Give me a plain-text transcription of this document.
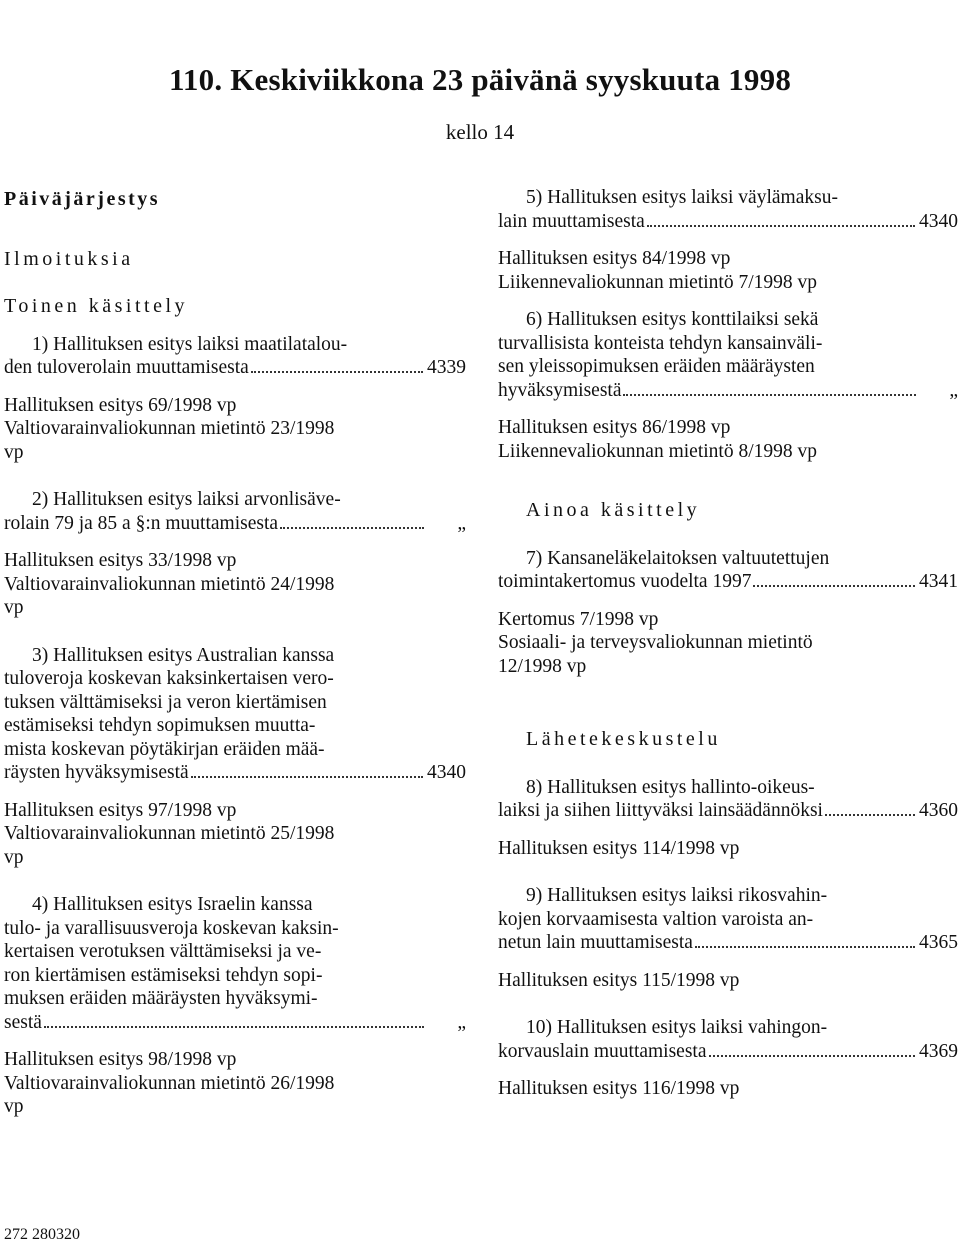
110. Keskiviikkona 23 päivänä syyskuuta 1998
kello 14
Päiväjärjestys
Ilmoituksia
Toinen käsittely
1) Hallituksen esitys laiksi maatilatalou-
den tuloverolain muuttamisesta	4339
Hallituksen esitys 69/1998 vp
Valtiovarainvaliokunnan mietintö 23/1998
vp
2) Hallituksen esitys laiksi arvonlisäve-
rolain 79 ja 85 a §:n muuttamisesta	„
Hallituksen esitys 33/1998 vp
Valtiovarainvaliokunnan mietintö 24/1998
vp
3) Hallituksen esitys Australian kanssa
tuloveroja koskevan kaksinkertaisen vero-
tuksen välttämiseksi ja veron kiertämisen
estämiseksi tehdyn sopimuksen muutta-
mista koskevan pöytäkirjan eräiden mää-
räysten hyväksymisestä	4340
Hallituksen esitys 97/1998 vp
Valtiovarainvaliokunnan mietintö 25/1998
vp
4) Hallituksen esitys Israelin kanssa
tulo- ja varallisuusveroja koskevan kaksin-
kertaisen verotuksen välttämiseksi ja ve-
ron kiertämisen estämiseksi tehdyn sopi-
muksen eräiden määräysten hyväksymi-
sestä	„
Hallituksen esitys 98/1998 vp
Valtiovarainvaliokunnan mietintö 26/1998
vp
5) Hallituksen esitys laiksi väylämaksu-
lain muuttamisesta	4340
Hallituksen esitys 84/1998 vp
Liikennevaliokunnan mietintö 7/1998 vp
6) Hallituksen esitys konttilaiksi sekä
turvallisista konteista tehdyn kansainväli-
sen yleissopimuksen eräiden määräysten
hyväksymisestä	„
Hallituksen esitys 86/1998 vp
Liikennevaliokunnan mietintö 8/1998 vp
Ainoa käsittely
7) Kansaneläkelaitoksen valtuutettujen
toimintakertomus vuodelta 1997	4341
Kertomus 7/1998 vp
Sosiaali- ja terveysvaliokunnan mietintö
12/1998 vp
Lähetekeskustelu
8) Hallituksen esitys hallinto-oikeus-
laiksi ja siihen liittyväksi lainsäädännöksi	4360
Hallituksen esitys 114/1998 vp
9) Hallituksen esitys laiksi rikosvahin-
kojen korvaamisesta valtion varoista an-
netun lain muuttamisesta	4365
Hallituksen esitys 115/1998 vp
10) Hallituksen esitys laiksi vahingon-
korvauslain muuttamisesta	4369
Hallituksen esitys 116/1998 vp
272 280320
